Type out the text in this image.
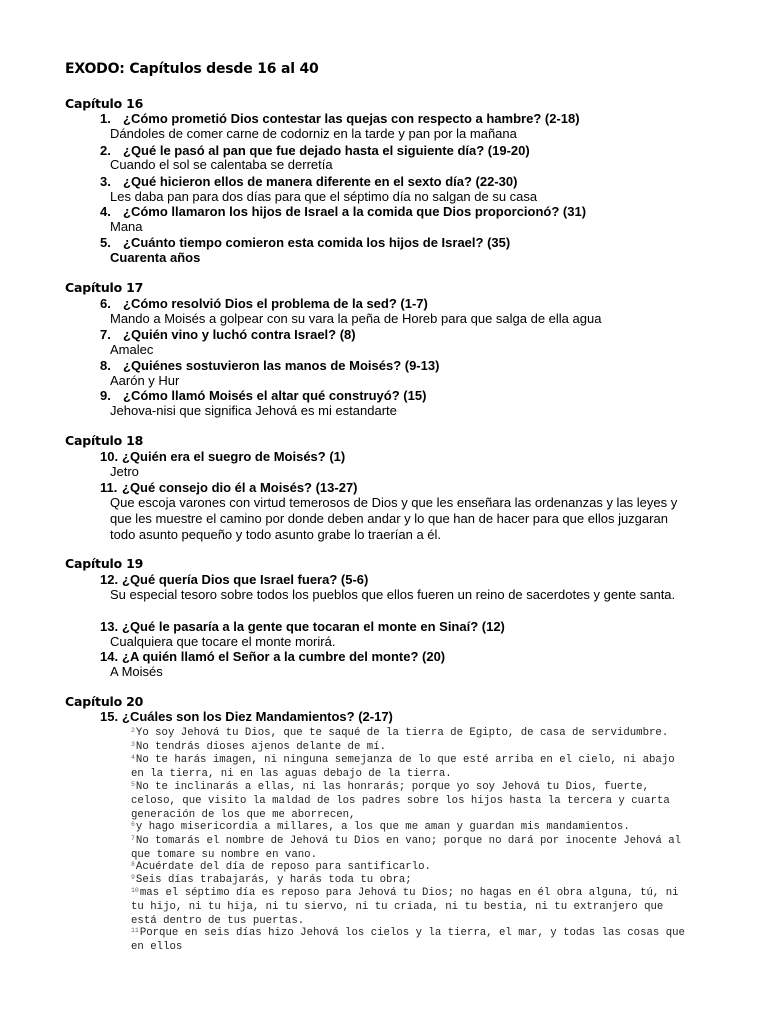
EXODO: Capítulos desde 16 al 40
Capítulo 16
1. ¿Cómo prometió Dios contestar las quejas con respecto a hambre? (2-18)
Dándoles de comer carne de codorniz en la tarde y pan por la mañana
2. ¿Qué le pasó al pan que fue dejado hasta el siguiente día? (19-20)
Cuando el sol se calentaba se derretía
3. ¿Qué hicieron ellos de manera diferente en el sexto día? (22-30)
Les daba pan para dos días para que el séptimo día no salgan de su casa
4. ¿Cómo llamaron los hijos de Israel a la comida que Dios proporcionó? (31)
Mana
5. ¿Cuánto tiempo comieron esta comida los hijos de Israel? (35)
Cuarenta años
Capítulo 17
6. ¿Cómo resolvió Dios el problema de la sed? (1-7)
Mando a Moisés a golpear con su vara la peña de Horeb para que salga de ella agua
7. ¿Quién vino y luchó contra Israel? (8)
Amalec
8. ¿Quiénes sostuvieron las manos de Moisés? (9-13)
Aarón y Hur
9. ¿Cómo llamó Moisés el altar qué construyó? (15)
Jehova-nisi que significa Jehová es mi estandarte
Capítulo 18
10. ¿Quién era el suegro de Moisés? (1)
Jetro
11. ¿Qué consejo dio él a Moisés? (13-27)
Que escoja varones con virtud temerosos de Dios y que les enseñara las ordenanzas y las leyes y que les muestre el camino por donde deben andar y lo que han de hacer para que ellos juzgaran todo asunto pequeño y todo asunto grabe lo traerían a él.
Capítulo 19
12. ¿Qué quería Dios que Israel fuera? (5-6)
Su especial tesoro sobre todos los pueblos que ellos fueren un reino de sacerdotes y gente santa.
13. ¿Qué le pasaría a la gente que tocaran el monte en Sinaí? (12)
Cualquiera que tocare el monte morirá.
14. ¿A quién llamó el Señor a la cumbre del monte? (20)
A Moisés
Capítulo 20
15. ¿Cuáles son los Diez Mandamientos? (2-17)
$^2$Yo soy Jehová tu Dios, que te saqué de la tierra de Egipto, de casa de servidumbre.
$^3$No tendrás dioses ajenos delante de mí.
$^4$No te harás imagen, ni ninguna semejanza de lo que esté arriba en el cielo, ni abajo en la tierra, ni en las aguas debajo de la tierra.
$^5$No te inclinarás a ellas, ni las honrarás; porque yo soy Jehová tu Dios, fuerte, celoso, que visito la maldad de los padres sobre los hijos hasta la tercera y cuarta generación de los que me aborrecen,
$^6$y hago misericordia a millares, a los que me aman y guardan mis mandamientos.
$^7$No tomarás el nombre de Jehová tu Dios en vano; porque no dará por inocente Jehová al que tomare su nombre en vano.
$^8$Acuérdate del día de reposo para santificarlo.
$^9$Seis días trabajarás, y harás toda tu obra;
$^{10}$mas el séptimo día es reposo para Jehová tu Dios; no hagas en él obra alguna, tú, ni tu hijo, ni tu hija, ni tu siervo, ni tu criada, ni tu bestia, ni tu extranjero que está dentro de tus puertas.
$^{11}$Porque en seis días hizo Jehová los cielos y la tierra, el mar, y todas las cosas que en ellos
